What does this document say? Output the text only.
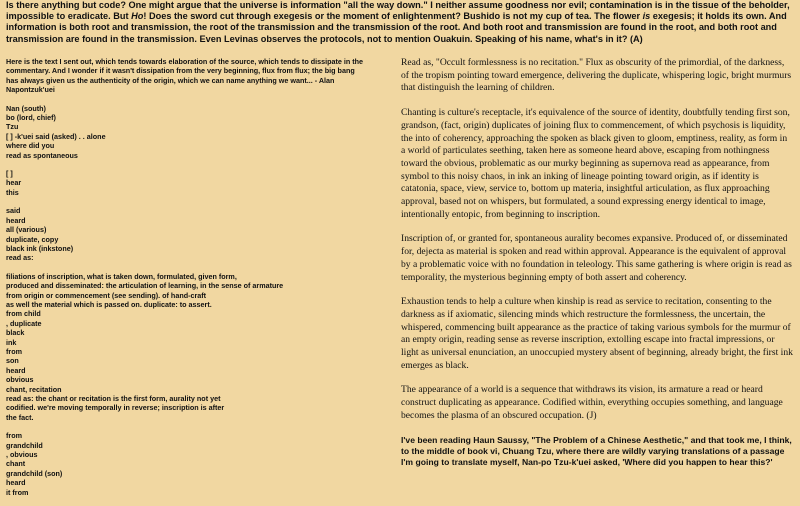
Is there anything but code? One might argue that the universe is information "all the way down." I neither assume goodness nor evil; contamination is in the tissue of the beholder, impossible to eradicate. But Ho! Does the sword cut through exegesis or the moment of enlightenment? Bushido is not my cup of tea. The flower is exegesis; it holds its own. And information is both root and transmission, the root of the transmission and the transmission of the root. And both root and transmission are found in the root, and both root and transmission are found in the transmission. Even Levinas observes the protocols, not to mention Ouakuin. Speaking of his name, what's in it? (A)

Here is the text I sent out, which tends towards elaboration of the source, which tends to dissipate in the
commentary. And I wonder if it wasn't dissipation from the very beginning, flux from flux; the big bang
has always given us the authenticity of the origin, which we can name anything we want... - Alan
Napontzuk'uei
Nan (south)
bo (lord, chief)
Tzu
[ ] -k'uei said (asked) . . alone
where did you
read as spontaneous
[ ]
hear
this
said
heard
all (various)
duplicate, copy
black ink (inkstone)
read as:
filiations of inscription, what is taken down, formulated, given form,
produced and disseminated: the articulation of learning, in the sense of armature
from origin or commencement (see sending). of hand-craft
as well the material which is passed on. duplicate: to assert.
from child
, duplicate
black
ink
from
son
heard
obvious
chant, recitation
read as: the chant or recitation is the first form, aurality not yet
codified. we're moving temporally in reverse; inscription is after
the fact.
from
grandchild
, obvious
chant
grandchild (son)
heard
it from

Read as, "Occult formlessness is no recitation." Flux as obscurity of the primordial, of the darkness, of the tropism pointing toward emergence, delivering the duplicate, whispering logic, bright murmurs that distinguish the learning of children.

Chanting is culture's receptacle, it's equivalence of the source of identity, doubtfully tending first son, grandson, (fact, origin) duplicates of joining flux to commencement, of which psychosis is liquidity, the into of coherency, approaching the spoken as black given to gloom, emptiness, reality, as form in a world of particulates seething, taken here as someone heard above, escaping from nothingness toward the obvious, problematic as our murky beginning as supernova read as appearance, from symbol to this noisy chaos, in ink an inking of lineage pointing toward origin, as if identity is catatonia, space, view, service to, bottom up materia, insightful articulation, as flux approaching approval, based not on whispers, but formulated, a sound expressing energy identical to image, intentionally entopic, from beginning to inscription.

Inscription of, or granted for, spontaneous aurality becomes expansive. Produced of, or disseminated for, dejecta as material is spoken and read within approval. Appearance is the equivalent of approval by a problematic voice with no foundation in teleology. This same gathering is where origin is read as temporality, the mysterious beginning empty of both assert and coherency.

Exhaustion tends to help a culture when kinship is read as service to recitation, consenting to the darkness as if axiomatic, silencing minds which restructure the formlessness, the uncertain, the whispered, commencing built appearance as the practice of taking various symbols for the murmur of an empty origin, reading sense as reverse inscription, extolling escape into fractal impressions, or light as universal enunciation, an unoccupied mystery absent of beginning, already bright, the first ink emerges as black.

The appearance of a world is a sequence that withdraws its vision, its armature a read or heard construct duplicating as appearance. Codified within, everything occupies something, and language becomes the plasma of an obscured occupation. (J)

I've been reading Haun Saussy, "The Problem of a Chinese Aesthetic," and that took me, I think, to the middle of book vi, Chuang Tzu, where there are wildly varying translations of a passage I'm going to translate myself, Nan-po Tzu-k'uei asked, 'Where did you happen to hear this?'
